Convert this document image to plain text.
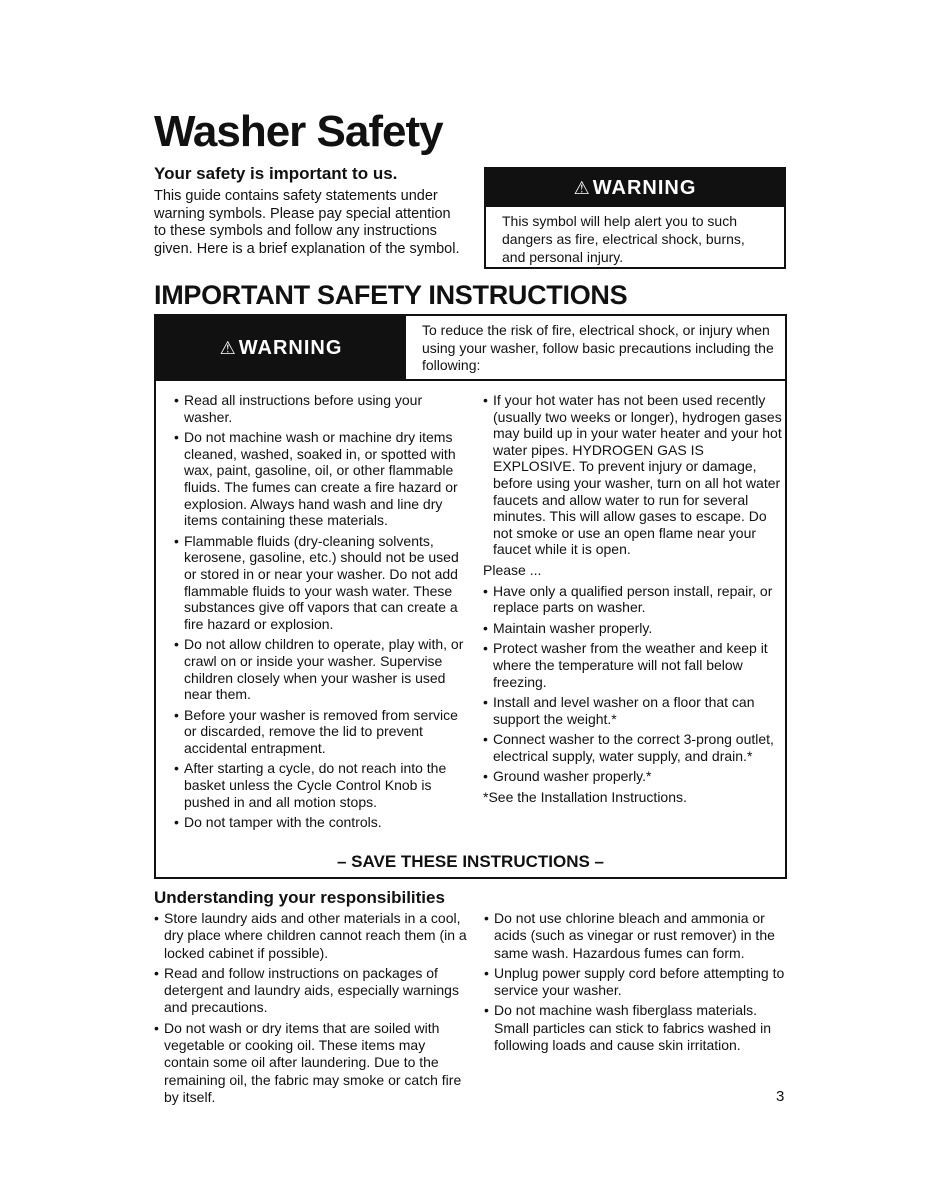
Washer Safety
Your safety is important to us.

This guide contains safety statements under warning symbols. Please pay special attention to these symbols and follow any instructions given. Here is a brief explanation of the symbol.

⚠ WARNING
This symbol will help alert you to such dangers as fire, electrical shock, burns, and personal injury.
IMPORTANT SAFETY INSTRUCTIONS
⚠ WARNING
To reduce the risk of fire, electrical shock, or injury when using your washer, follow basic precautions including the following:
• Read all instructions before using your washer.
• Do not machine wash or machine dry items cleaned, washed, soaked in, or spotted with wax, paint, gasoline, oil, or other flammable fluids. The fumes can create a fire hazard or explosion. Always hand wash and line dry items containing these materials.
• Flammable fluids (dry-cleaning solvents, kerosene, gasoline, etc.) should not be used or stored in or near your washer. Do not add flammable fluids to your wash water. These substances give off vapors that can create a fire hazard or explosion.
• Do not allow children to operate, play with, or crawl on or inside your washer. Supervise children closely when your washer is used near them.
• Before your washer is removed from service or discarded, remove the lid to prevent accidental entrapment.
• After starting a cycle, do not reach into the basket unless the Cycle Control Knob is pushed in and all motion stops.
• Do not tamper with the controls.
• If your hot water has not been used recently (usually two weeks or longer), hydrogen gases may build up in your water heater and your hot water pipes. HYDROGEN GAS IS EXPLOSIVE. To prevent injury or damage, before using your washer, turn on all hot water faucets and allow water to run for several minutes. This will allow gases to escape. Do not smoke or use an open flame near your faucet while it is open.

Please ...

• Have only a qualified person install, repair, or replace parts on washer.
• Maintain washer properly.
• Protect washer from the weather and keep it where the temperature will not fall below freezing.
• Install and level washer on a floor that can support the weight.*
• Connect washer to the correct 3-prong outlet, electrical supply, water supply, and drain.*
• Ground washer properly.*

*See the Installation Instructions.

– SAVE THESE INSTRUCTIONS –
Understanding your responsibilities
• Store laundry aids and other materials in a cool, dry place where children cannot reach them (in a locked cabinet if possible).
• Read and follow instructions on packages of detergent and laundry aids, especially warnings and precautions.
• Do not wash or dry items that are soiled with vegetable or cooking oil. These items may contain some oil after laundering. Due to the remaining oil, the fabric may smoke or catch fire by itself.
• Do not use chlorine bleach and ammonia or acids (such as vinegar or rust remover) in the same wash. Hazardous fumes can form.
• Unplug power supply cord before attempting to service your washer.
• Do not machine wash fiberglass materials. Small particles can stick to fabrics washed in following loads and cause skin irritation.
3
